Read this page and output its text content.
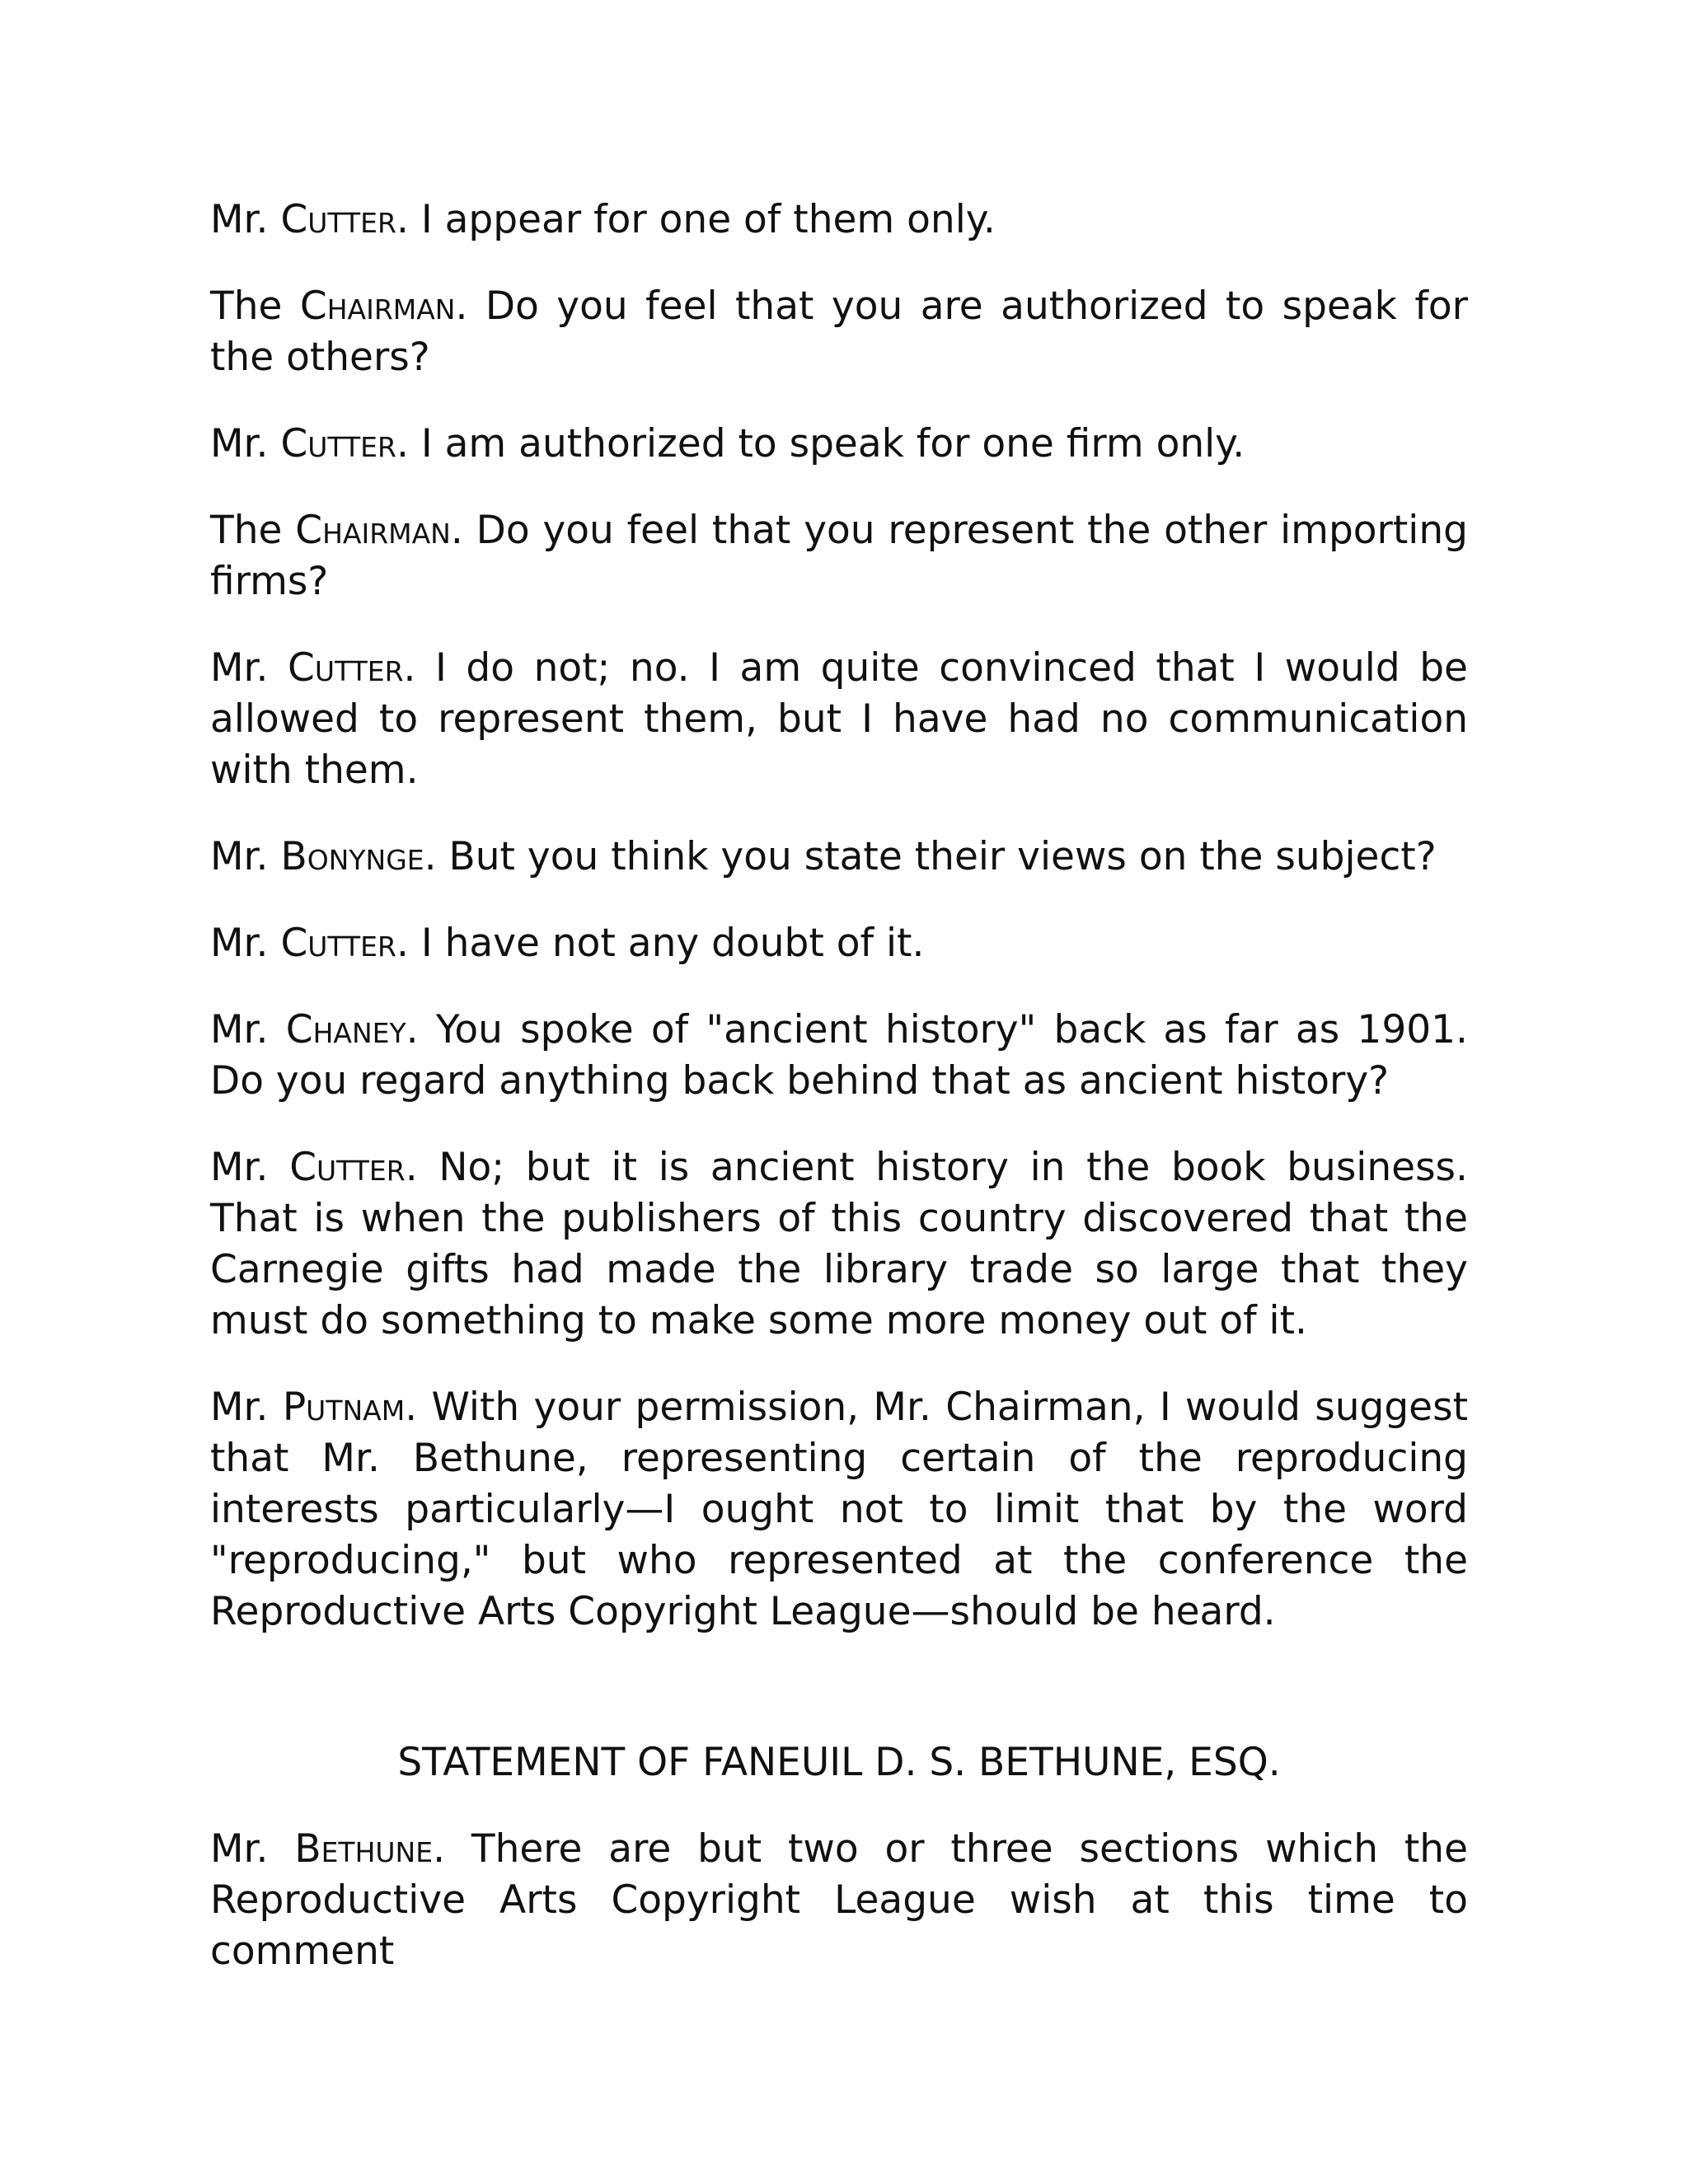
Mr. Cutter. I appear for one of them only.

The Chairman. Do you feel that you are authorized to speak for the others?

Mr. Cutter. I am authorized to speak for one firm only.

The Chairman. Do you feel that you represent the other importing firms?

Mr. Cutter. I do not; no. I am quite convinced that I would be allowed to represent them, but I have had no communication with them.

Mr. Bonynge. But you think you state their views on the subject?

Mr. Cutter. I have not any doubt of it.

Mr. Chaney. You spoke of "ancient history" back as far as 1901. Do you regard anything back behind that as ancient history?

Mr. Cutter. No; but it is ancient history in the book business. That is when the publishers of this country discovered that the Carnegie gifts had made the library trade so large that they must do something to make some more money out of it.

Mr. Putnam. With your permission, Mr. Chairman, I would suggest that Mr. Bethune, representing certain of the reproducing interests particularly—I ought not to limit that by the word "reproducing," but who represented at the conference the Reproductive Arts Copyright League—should be heard.

STATEMENT OF FANEUIL D. S. BETHUNE, ESQ.

Mr. Bethune. There are but two or three sections which the Reproductive Arts Copyright League wish at this time to comment
